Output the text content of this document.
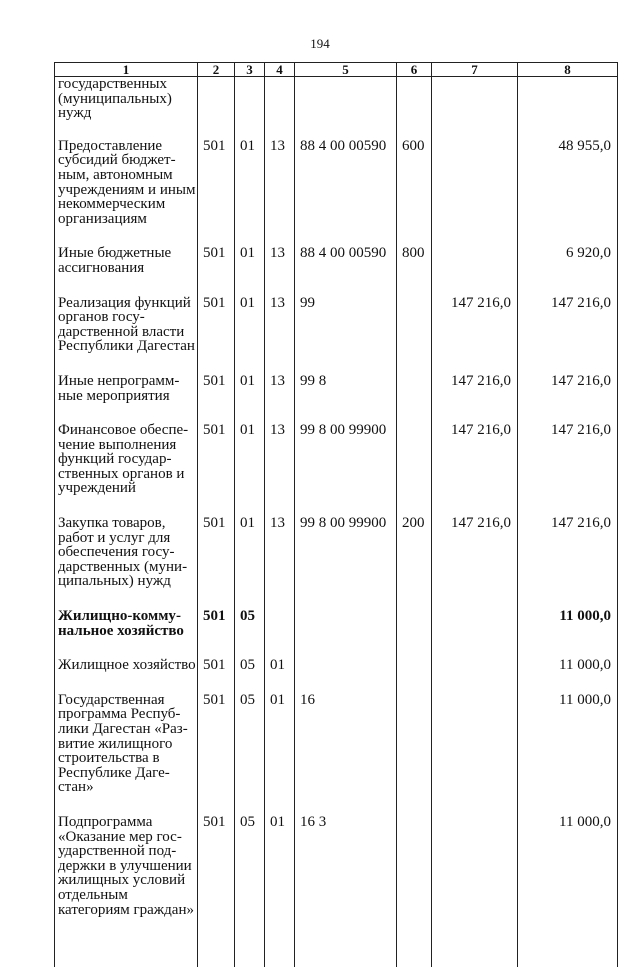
194
1	2	3	4	5	6	7	8
государственных (муниципальных) нужд							
Предоставление субсидий бюджетным, автономным учреждениям и иным некоммерческим организациям	501	01	13	88 4 00 00590	600		48 955,0
Иные бюджетные ассигнования	501	01	13	88 4 00 00590	800		6 920,0
Реализация функций органов государственной власти Республики Дагестан	501	01	13	99		147 216,0	147 216,0
Иные непрограммные мероприятия	501	01	13	99 8		147 216,0	147 216,0
Финансовое обеспечение выполнения функций государственных органов и учреждений	501	01	13	99 8 00 99900		147 216,0	147 216,0
Закупка товаров, работ и услуг для обеспечения государственных (муниципальных) нужд	501	01	13	99 8 00 99900	200	147 216,0	147 216,0
Жилищно-коммунальное хозяйство	501	05					11 000,0
Жилищное хозяйство	501	05	01				11 000,0
Государственная программа Республики Дагестан «Развитие жилищного строительства в Республике Дагестан»	501	05	01	16			11 000,0
Подпрограмма «Оказание мер государственной поддержки в улучшении жилищных условий отдельным категориям граждан»	501	05	01	16 3			11 000,0
